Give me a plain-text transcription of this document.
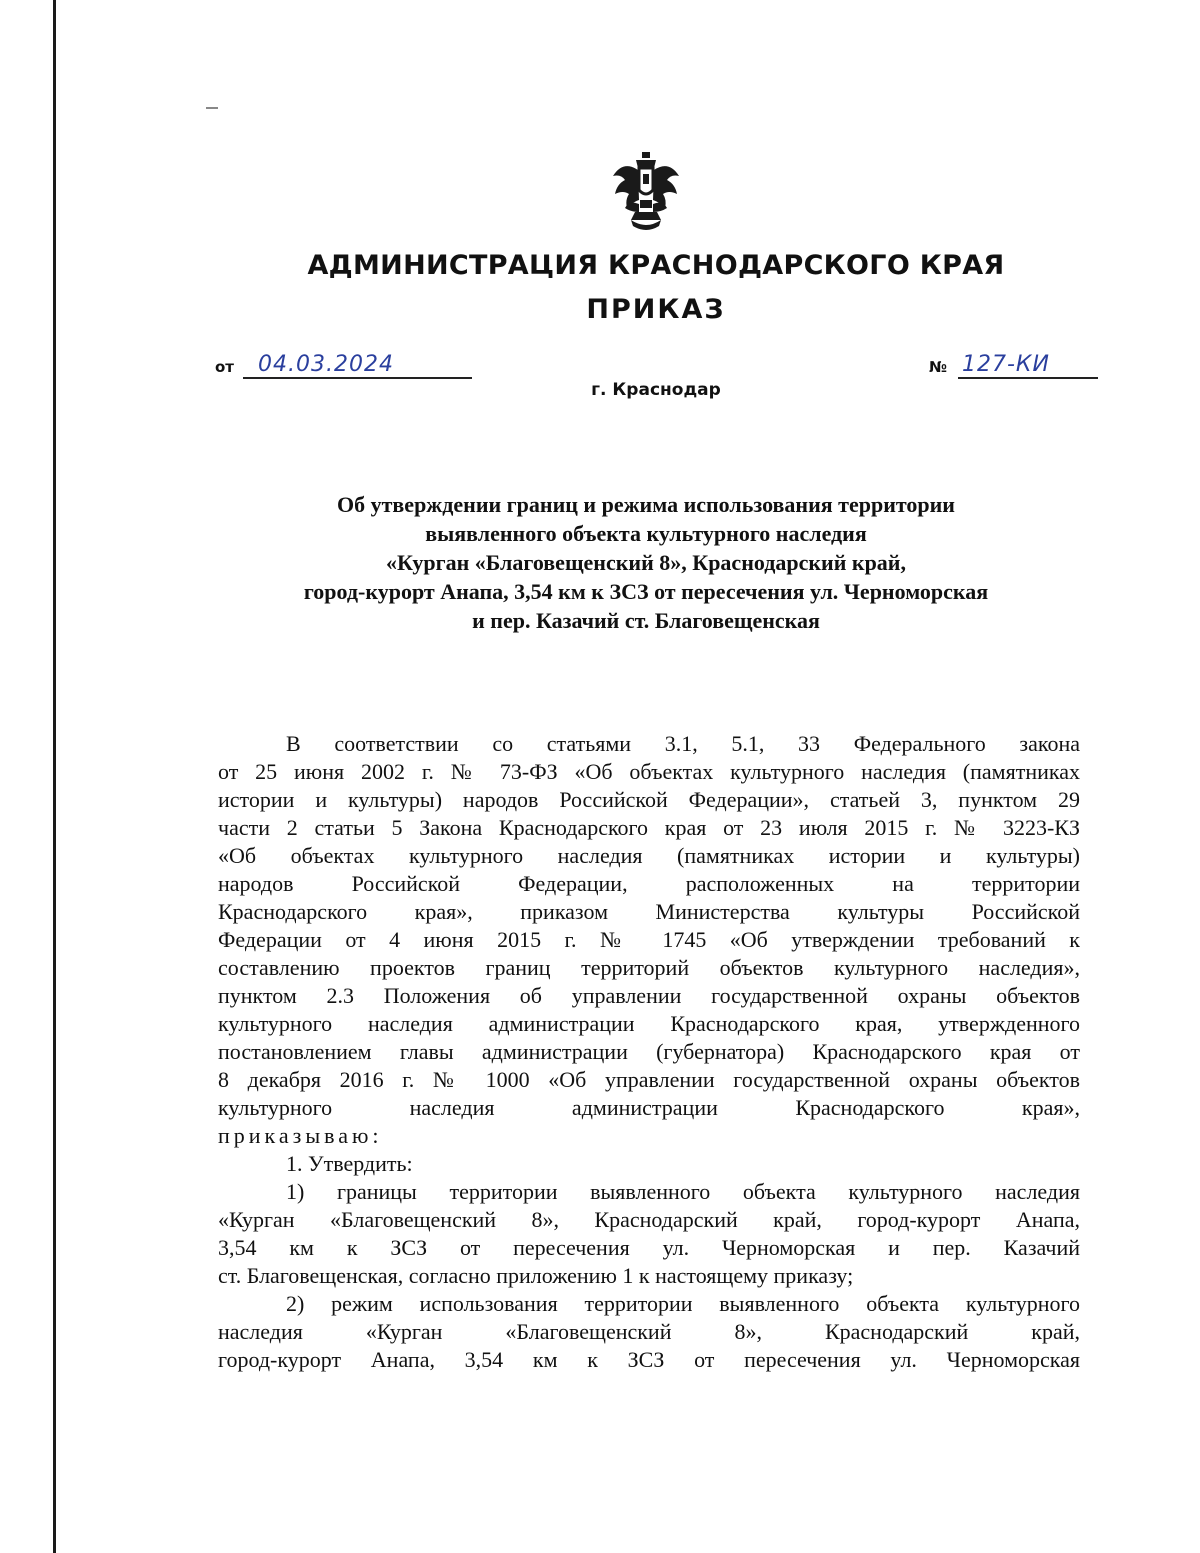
АДМИНИСТРАЦИЯ КРАСНОДАРСКОГО КРАЯ
ПРИКАЗ
от 04.03.2024	№ 127-КИ
г. Краснодар
Об утверждении границ и режима использования территории
выявленного объекта культурного наследия
«Курган «Благовещенский 8», Краснодарский край,
город-курорт Анапа, 3,54 км к ЗСЗ от пересечения ул. Черноморская
и пер. Казачий ст. Благовещенская
В соответствии со статьями 3.1, 5.1, 33 Федерального закона
от 25 июня 2002 г. № 73-ФЗ «Об объектах культурного наследия (памятниках
истории и культуры) народов Российской Федерации», статьей 3, пунктом 29
части 2 статьи 5 Закона Краснодарского края от 23 июля 2015 г. № 3223-КЗ
«Об объектах культурного наследия (памятниках истории и культуры)
народов Российской Федерации, расположенных на территории
Краснодарского края», приказом Министерства культуры Российской
Федерации от 4 июня 2015 г. № 1745 «Об утверждении требований к
составлению проектов границ территорий объектов культурного наследия»,
пунктом 2.3 Положения об управлении государственной охраны объектов
культурного наследия администрации Краснодарского края, утвержденного
постановлением главы администрации (губернатора) Краснодарского края от
8 декабря 2016 г. № 1000 «Об управлении государственной охраны объектов
культурного наследия администрации Краснодарского края»,
приказываю:
1. Утвердить:
1) границы территории выявленного объекта культурного наследия
«Курган «Благовещенский 8», Краснодарский край, город-курорт Анапа,
3,54 км к ЗСЗ от пересечения ул. Черноморская и пер. Казачий
ст. Благовещенская, согласно приложению 1 к настоящему приказу;
2) режим использования территории выявленного объекта культурного
наследия «Курган «Благовещенский 8», Краснодарский край,
город-курорт Анапа, 3,54 км к ЗСЗ от пересечения ул. Черноморская
